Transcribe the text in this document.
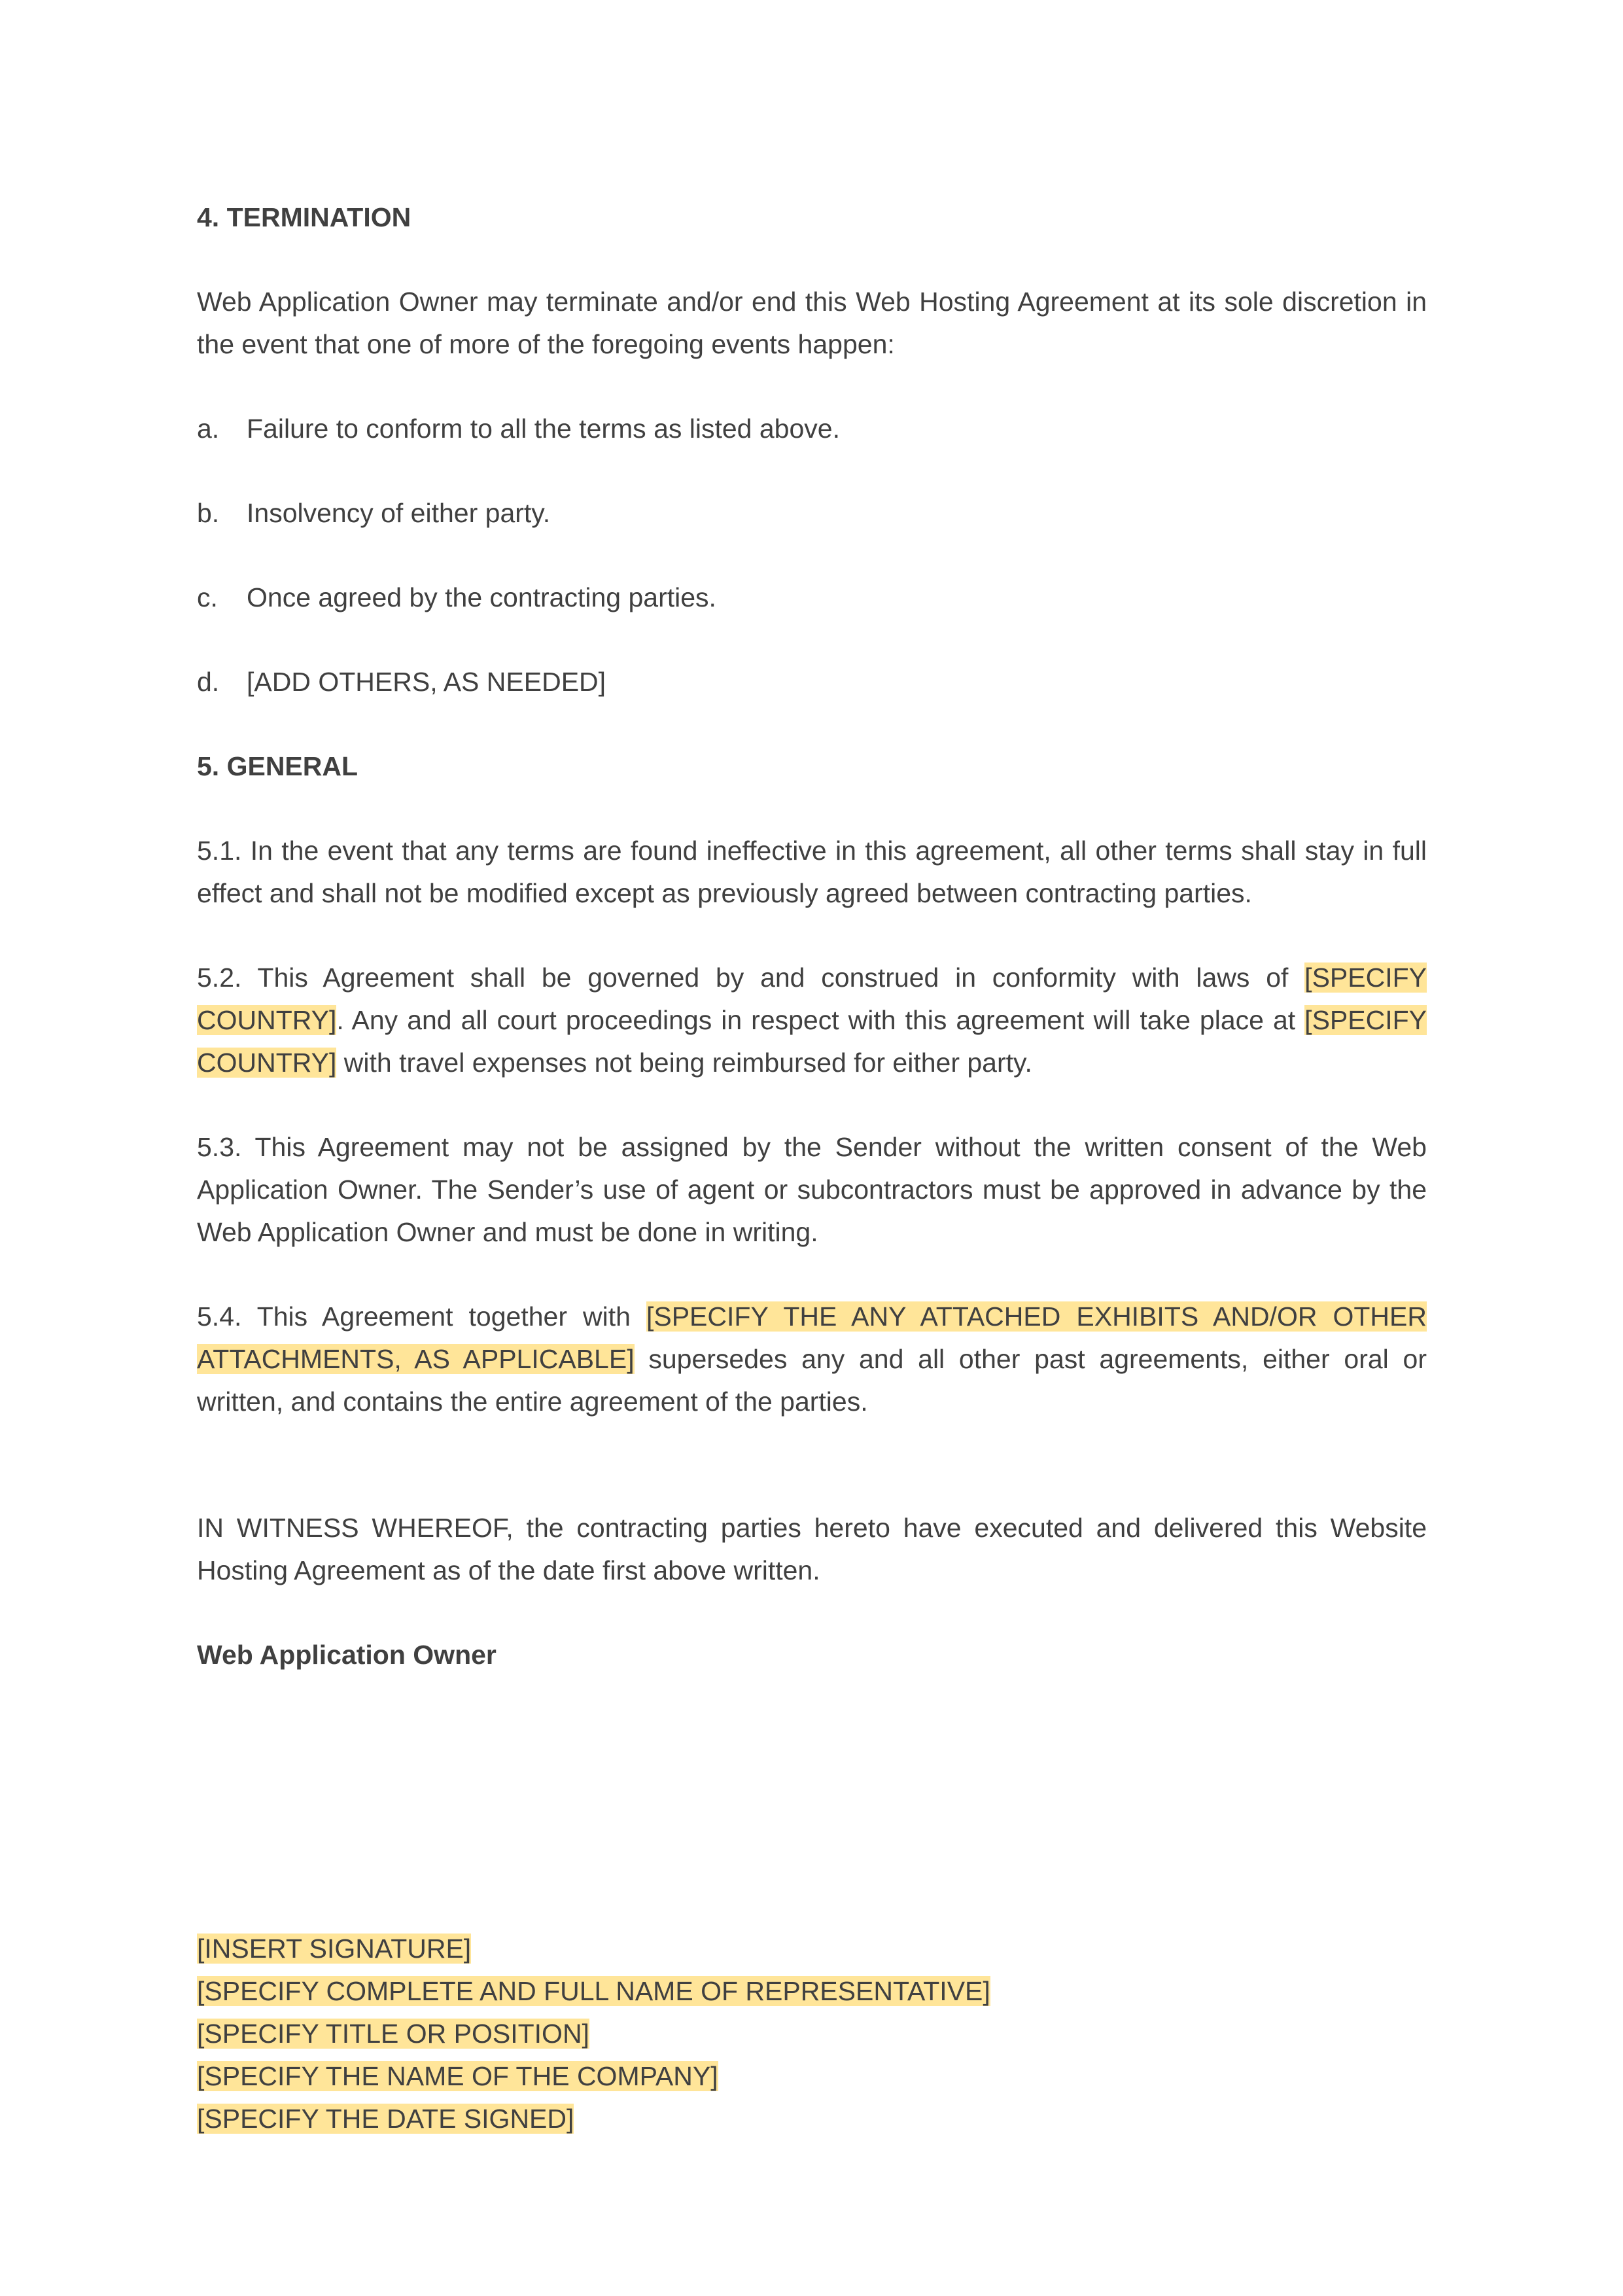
4. TERMINATION

Web Application Owner may terminate and/or end this Web Hosting Agreement at its sole discretion in the event that one of more of the foregoing events happen:

a.	Failure to conform to all the terms as listed above.
b.	Insolvency of either party.
c.	Once agreed by the contracting parties.
d.	[ADD OTHERS, AS NEEDED]

5. GENERAL

5.1. In the event that any terms are found ineffective in this agreement, all other terms shall stay in full effect and shall not be modified except as previously agreed between contracting parties.

5.2. This Agreement shall be governed by and construed in conformity with laws of [SPECIFY COUNTRY]. Any and all court proceedings in respect with this agreement will take place at [SPECIFY COUNTRY] with travel expenses not being reimbursed for either party.

5.3. This Agreement may not be assigned by the Sender without the written consent of the Web Application Owner. The Sender’s use of agent or subcontractors must be approved in advance by the Web Application Owner and must be done in writing.

5.4. This Agreement together with [SPECIFY THE ANY ATTACHED EXHIBITS AND/OR OTHER ATTACHMENTS, AS APPLICABLE] supersedes any and all other past agreements, either oral or written, and contains the entire agreement of the parties.

IN WITNESS WHEREOF, the contracting parties hereto have executed and delivered this Website Hosting Agreement as of the date first above written.

Web Application Owner

[INSERT SIGNATURE]
[SPECIFY COMPLETE AND FULL NAME OF REPRESENTATIVE]
[SPECIFY TITLE OR POSITION]
[SPECIFY THE NAME OF THE COMPANY]
[SPECIFY THE DATE SIGNED]
